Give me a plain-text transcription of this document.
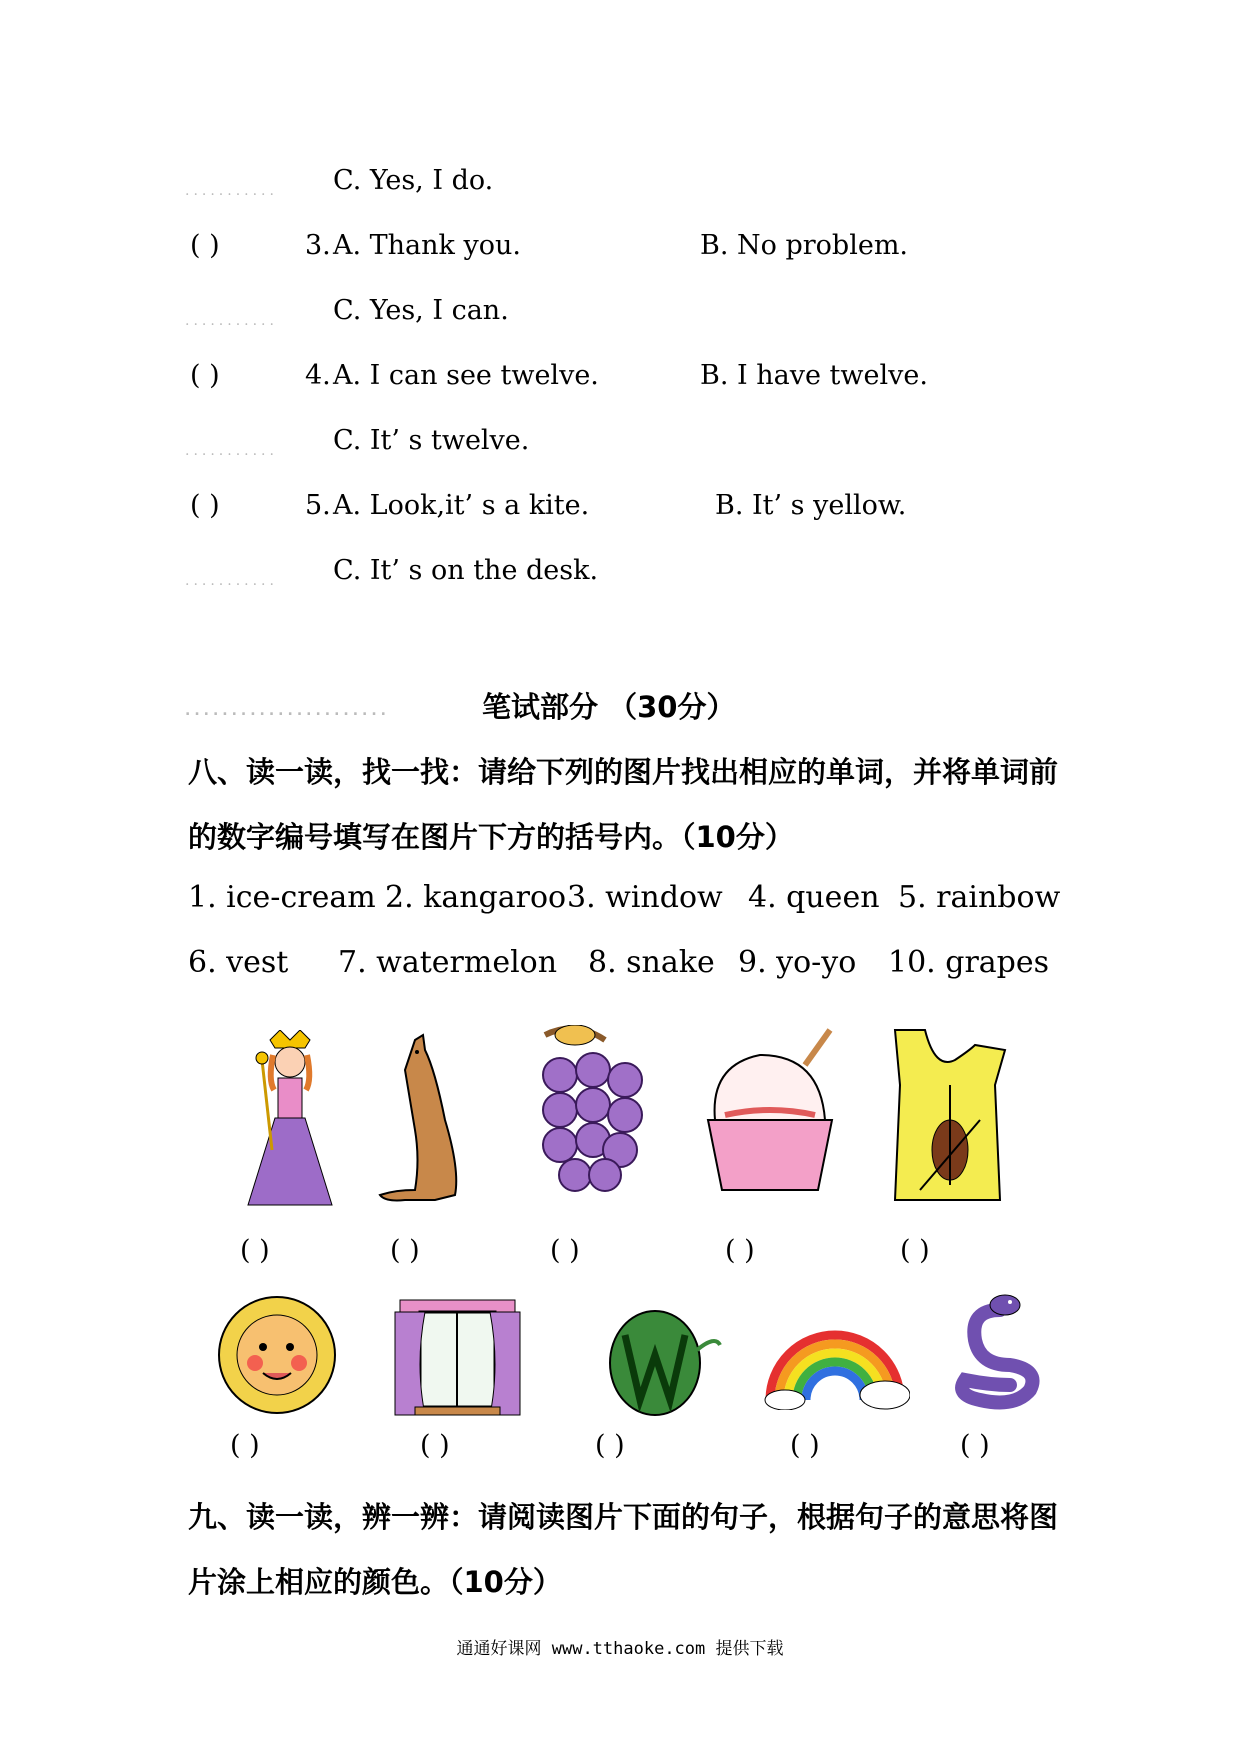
........... C. Yes, I do.
( )	3. A. Thank you.	B. No problem.
........... C. Yes, I can.
( )	4. A. I can see twelve.	B. I have twelve.
........... C. It’ s twelve.
( )	5. A. Look,it’ s a kite.	B. It’ s yellow.
........... C. It’ s on the desk.
......................	笔试部分 （30分）
八、读一读，找一找：请给下列的图片找出相应的单词，并将单词前
的数字编号填写在图片下方的括号内。（10分）
1. ice-cream 2. kangaroo 3. window 4. queen 5. rainbow
6. vest 7. watermelon 8. snake 9. yo-yo 10. grapes
( )	( )	( )	( )	( )
( )	( )	( )	( )	( )
九、读一读，辨一辨：请阅读图片下面的句子，根据句子的意思将图
片涂上相应的颜色。（10分）
通通好课网 www.tthaoke.com 提供下载
